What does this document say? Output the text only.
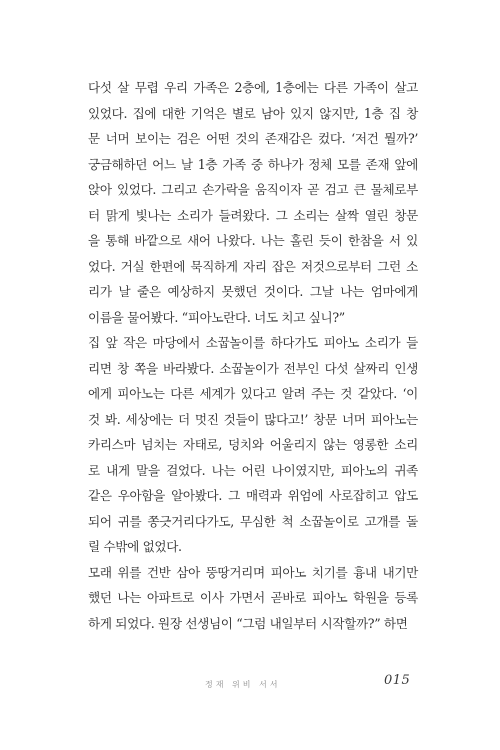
다섯 살 무렵 우리 가족은 2층에, 1층에는 다른 가족이 살고
있었다. 집에 대한 기억은 별로 남아 있지 않지만, 1층 집 창
문 너머 보이는 검은 어떤 것의 존재감은 컸다. ‘저건 뭘까?’
궁금해하던 어느 날 1층 가족 중 하나가 정체 모를 존재 앞에
앉아 있었다. 그리고 손가락을 움직이자 곧 검고 큰 물체로부
터 맑게 빛나는 소리가 들려왔다. 그 소리는 살짝 열린 창문
을 통해 바깥으로 새어 나왔다. 나는 홀린 듯이 한참을 서 있
었다. 거실 한편에 묵직하게 자리 잡은 저것으로부터 그런 소
리가 날 줄은 예상하지 못했던 것이다. 그날 나는 엄마에게
이름을 물어봤다. “피아노란다. 너도 치고 싶니?”
집 앞 작은 마당에서 소꿉놀이를 하다가도 피아노 소리가 들
리면 창 쪽을 바라봤다. 소꿉놀이가 전부인 다섯 살짜리 인생
에게 피아노는 다른 세계가 있다고 알려 주는 것 같았다. ‘이
것 봐. 세상에는 더 멋진 것들이 많다고!’ 창문 너머 피아노는
카리스마 넘치는 자태로, 덩치와 어울리지 않는 영롱한 소리
로 내게 말을 걸었다. 나는 어린 나이였지만, 피아노의 귀족
같은 우아함을 알아봤다. 그 매력과 위엄에 사로잡히고 압도
되어 귀를 쫑긋거리다가도, 무심한 척 소꿉놀이로 고개를 돌
릴 수밖에 없었다.
모래 위를 건반 삼아 뚱땅거리며 피아노 치기를 흉내 내기만
했던 나는 아파트로 이사 가면서 곧바로 피아노 학원을 등록
하게 되었다. 원장 선생님이 “그럼 내일부터 시작할까?” 하면
정재 위비 서서	015
